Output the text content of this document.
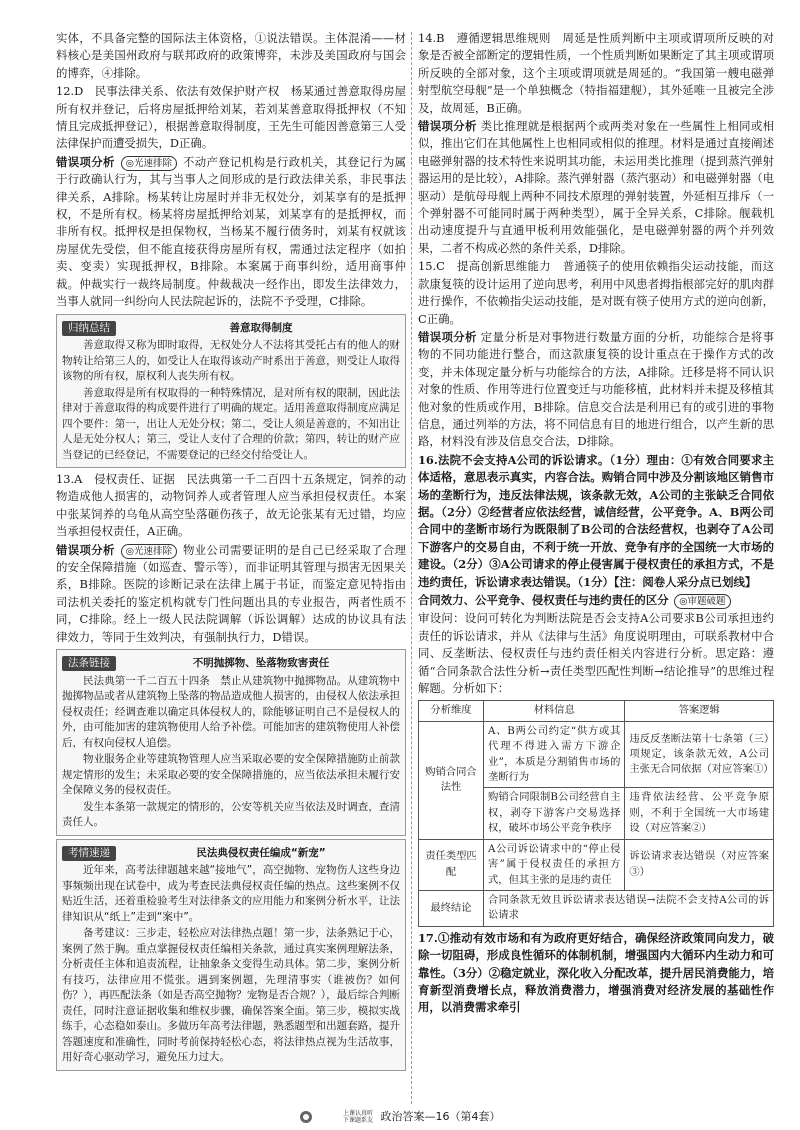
实体，不具备完整的国际法主体资格，①说法错误。主体混淆——材料核心是美国州政府与联邦政府的政策博弈，未涉及美国政府与国会的博弈，④排除。

12.D　民事法律关系、依法有效保护财产权　杨某通过善意取得房屋所有权并登记，后将房屋抵押给刘某，若刘某善意取得抵押权（不知情且完成抵押登记），根据善意取得制度，王先生可能因善意第三人受法律保护而遭受损失，D正确。

错误项分析 ◎光速排除 不动产登记机构是行政机关，其登记行为属于行政确认行为，其与当事人之间形成的是行政法律关系，非民事法律关系，A排除。杨某转让房屋时并非无权处分，刘某享有的是抵押权，不是所有权。杨某将房屋抵押给刘某，刘某享有的是抵押权，而非所有权。抵押权是担保物权，当杨某不履行债务时，刘某有权就该房屋优先受偿，但不能直接获得房屋所有权，需通过法定程序（如拍卖、变卖）实现抵押权，B排除。本案属于商事纠纷，适用商事仲裁。仲裁实行一裁终局制度。仲裁裁决一经作出，即发生法律效力，当事人就同一纠纷向人民法院起诉的，法院不予受理，C排除。

归纳总结	善意取得制度

善意取得又称为即时取得，无权处分人不法将其受托占有的他人的财物转让给第三人的，如受让人在取得该动产时系出于善意，则受让人取得该物的所有权，原权利人丧失所有权。

善意取得是所有权取得的一种特殊情况，是对所有权的限制，因此法律对于善意取得的构成要件进行了明确的规定。适用善意取得制度应满足四个要件：第一，出让人无处分权；第二，受让人须是善意的，不知出让人是无处分权人；第三，受让人支付了合理的价款；第四，转让的财产应当登记的已经登记，不需要登记的已经交付给受让人。

13.A　侵权责任、证据　民法典第一千二百四十五条规定，饲养的动物造成他人损害的，动物饲养人或者管理人应当承担侵权责任。本案中张某饲养的乌龟从高空坠落砸伤孩子，故无论张某有无过错，均应当承担侵权责任，A正确。

错误项分析 ◎光速排除 物业公司需要证明的是自己已经采取了合理的安全保障措施（如巡查、警示等），而非证明其管理与损害无因果关系，B排除。医院的诊断记录在法律上属于书证，而鉴定意见特指由司法机关委托的鉴定机构就专门性问题出具的专业报告，两者性质不同，C排除。经上一级人民法院调解（诉讼调解）达成的协议具有法律效力，等同于生效判决，有强制执行力，D错误。

法条链接	不明抛掷物、坠落物致害责任

民法典第一千二百五十四条　禁止从建筑物中抛掷物品。从建筑物中抛掷物品或者从建筑物上坠落的物品造成他人损害的，由侵权人依法承担侵权责任；经调查难以确定具体侵权人的，除能够证明自己不是侵权人的外，由可能加害的建筑物使用人给予补偿。可能加害的建筑物使用人补偿后，有权向侵权人追偿。

物业服务企业等建筑物管理人应当采取必要的安全保障措施防止前款规定情形的发生；未采取必要的安全保障措施的，应当依法承担未履行安全保障义务的侵权责任。

发生本条第一款规定的情形的，公安等机关应当依法及时调查，查清责任人。

考情速递	民法典侵权责任编成“新宠”

近年来，高考法律题越来越“接地气”，高空抛物、宠物伤人这些身边事频频出现在试卷中，成为考查民法典侵权责任编的热点。这些案例不仅贴近生活，还着重检验考生对法律条文的应用能力和案例分析水平，让法律知识从“纸上”走到“案中”。

备考建议：三步走，轻松应对法律热点题！第一步，法条熟记于心，案例了然于胸。重点掌握侵权责任编相关条款，通过真实案例理解法条，分析责任主体和追责流程，让抽象条文变得生动具体。第二步，案例分析有技巧，法律应用不慌张。遇到案例题，先理清事实（谁被伤？如何伤？），再匹配法条（如是否高空抛物？宠物是否合规？），最后综合判断责任，同时注意证据收集和维权步骤，确保答案全面。第三步，模拟实战练手，心态稳如泰山。多做历年高考法律题，熟悉题型和出题套路，提升答题速度和准确性，同时考前保持轻松心态，将法律热点视为生活故事，用好奇心驱动学习，避免压力过大。

14.B　遵循逻辑思维规则　周延是性质判断中主项或谓项所反映的对象是否被全部断定的逻辑性质，一个性质判断如果断定了其主项或谓项所反映的全部对象，这个主项或谓项就是周延的。“我国第一艘电磁弹射型航空母舰”是一个单独概念（特指福建舰），其外延唯一且被完全涉及，故周延，B正确。

错误项分析 类比推理就是根据两个或两类对象在一些属性上相同或相似，推出它们在其他属性上也相同或相似的推理。材料是通过直接阐述电磁弹射器的技术特性来说明其功能，未运用类比推理（提到蒸汽弹射器运用的是比较），A排除。蒸汽弹射器（蒸汽驱动）和电磁弹射器（电驱动）是航母母舰上两种不同技术原理的弹射装置，外延相互排斥（一个弹射器不可能同时属于两种类型），属于全异关系，C排除。舰载机出动速度提升与直通甲板利用效能强化，是电磁弹射器的两个并列效果，二者不构成必然的条件关系，D排除。

15.C　提高创新思维能力　普通筷子的使用依赖指尖运动技能，而这款康复筷的设计运用了逆向思考，利用中风患者拇指根部完好的肌肉群进行操作，不依赖指尖运动技能，是对既有筷子使用方式的逆向创新，C正确。

错误项分析 定量分析是对事物进行数量方面的分析，功能综合是将事物的不同功能进行整合，而这款康复筷的设计重点在于操作方式的改变，并未体现定量分析与功能综合的方法，A排除。迁移是将不同认识对象的性质、作用等进行位置变迁与功能移植，此材料并未提及移植其他对象的性质或作用，B排除。信息交合法是利用已有的或引进的事物信息，通过列举的方法，将不同信息有目的地进行组合，以产生新的思路，材料没有涉及信息交合法，D排除。

16.法院不会支持A公司的诉讼请求。（1分）理由：①有效合同要求主体适格，意思表示真实，内容合法。购销合同中涉及分割该地区销售市场的垄断行为，违反法律法规，该条款无效，A公司的主张缺乏合同依据。（2分）②经营者应依法经营，诚信经营，公平竞争。A、B两公司合同中的垄断市场行为既限制了B公司的合法经营权，也剥夺了A公司下游客户的交易自由，不利于统一开放、竞争有序的全国统一大市场的建设。（2分）③A公司请求的停止侵害属于侵权责任的承担方式，不是违约责任，诉讼请求表达错误。（1分）【注：阅卷人采分点已划线】

合同效力、公平竞争、侵权责任与违约责任的区分 ◎审题破题

审设问：设问可转化为判断法院是否会支持A公司要求B公司承担违约责任的诉讼请求，并从《法律与生活》角度说明理由，可联系教材中合同、反垄断法、侵权责任与违约责任相关内容进行分析。思定路：遵循“合同条款合法性分析→责任类型匹配性判断→结论推导”的思维过程解题。分析如下：

分析维度	材料信息	答案逻辑
购销合同合法性	A、B两公司约定“供方或其代理不得进入需方下游企业”，本质是分割销售市场的垄断行为	违反反垄断法第十七条第（三）项规定，该条款无效，A公司主张无合同依据（对应答案①）
	购销合同限制B公司经营自主权，剥夺下游客户交易选择权，破坏市场公平竞争秩序	违背依法经营、公平竞争原则，不利于全国统一大市场建设（对应答案②）
责任类型匹配	A公司诉讼请求中的“停止侵害”属于侵权责任的承担方式，但其主张的是违约责任	诉讼请求表达错误（对应答案③）
最终结论	合同条款无效且诉讼请求表达错误→法院不会支持A公司的诉讼请求	

17.①推动有效市场和有为政府更好结合，确保经济政策同向发力，破除一切阻碍，形成良性循环的体制机制，增强国内大循环内生动力和可靠性。（3分）②稳定就业，深化收入分配改革，提升居民消费能力，培育新型消费增长点，释放消费潜力，增强消费对经济发展的基础性作用，以消费需求牵引

上课认真听
下课题系友 政治答案—16（第4套）
